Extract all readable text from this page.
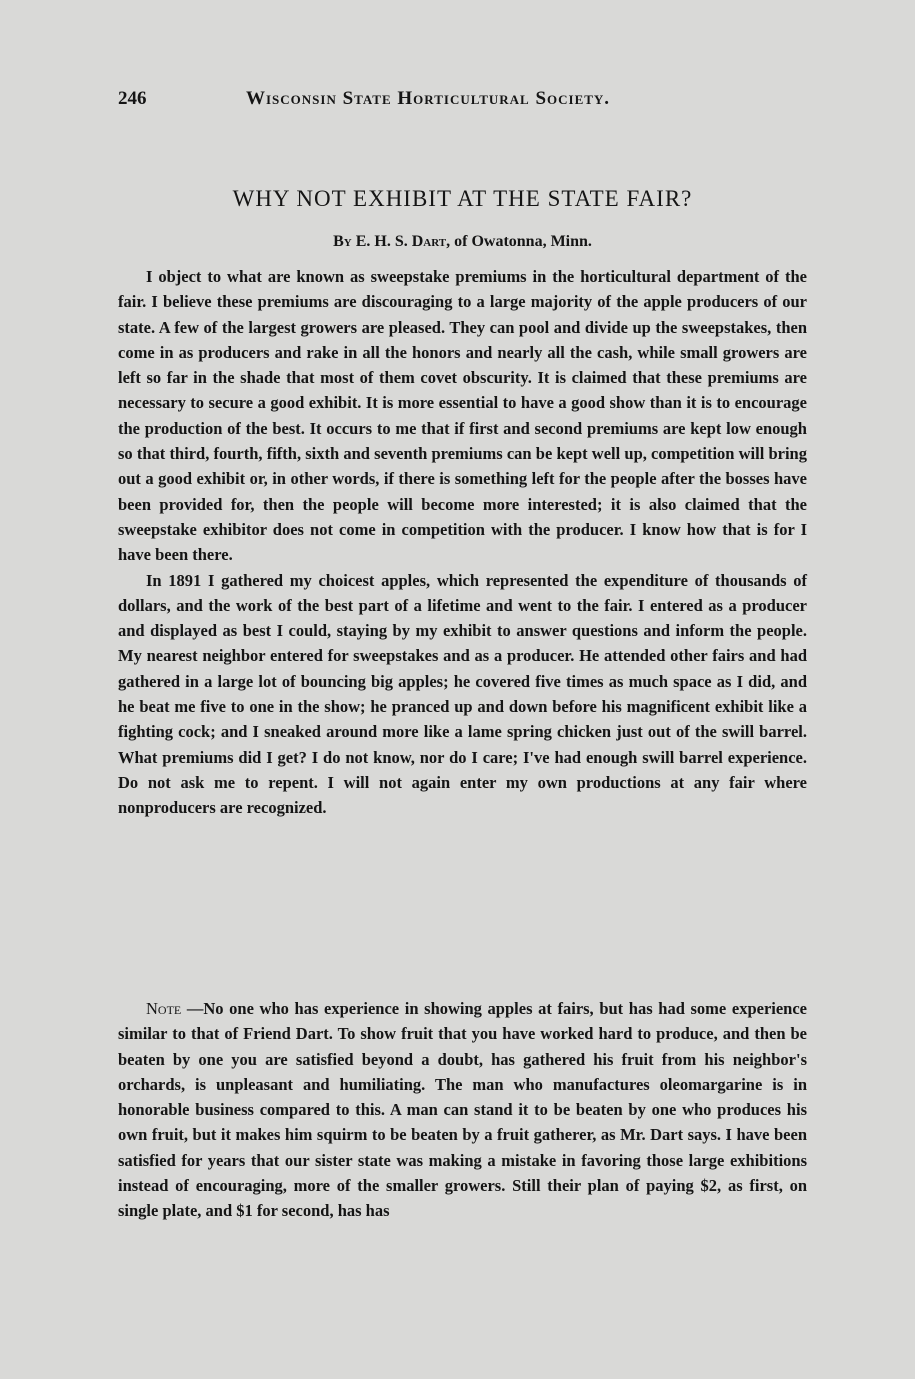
246	Wisconsin State Horticultural Society.
WHY NOT EXHIBIT AT THE STATE FAIR?
By E. H. S. Dart, of Owatonna, Minn.

I object to what are known as sweepstake premiums in the horticultural department of the fair. I believe these premiums are discouraging to a large majority of the apple producers of our state. A few of the largest growers are pleased. They can pool and divide up the sweepstakes, then come in as producers and rake in all the honors and nearly all the cash, while small growers are left so far in the shade that most of them covet obscurity. It is claimed that these premiums are necessary to secure a good exhibit. It is more essential to have a good show than it is to encourage the production of the best. It occurs to me that if first and second premiums are kept low enough so that third, fourth, fifth, sixth and seventh premiums can be kept well up, competition will bring out a good exhibit or, in other words, if there is something left for the people after the bosses have been provided for, then the people will become more interested; it is also claimed that the sweepstake exhibitor does not come in competition with the producer. I know how that is for I have been there.

In 1891 I gathered my choicest apples, which represented the expenditure of thousands of dollars, and the work of the best part of a lifetime and went to the fair. I entered as a producer and displayed as best I could, staying by my exhibit to answer questions and inform the people. My nearest neighbor entered for sweepstakes and as a producer. He attended other fairs and had gathered in a large lot of bouncing big apples; he covered five times as much space as I did, and he beat me five to one in the show; he pranced up and down before his magnificent exhibit like a fighting cock; and I sneaked around more like a lame spring chicken just out of the swill barrel. What premiums did I get? I do not know, nor do I care; I've had enough swill barrel experience. Do not ask me to repent. I will not again enter my own productions at any fair where nonproducers are recognized.

Note —No one who has experience in showing apples at fairs, but has had some experience similar to that of Friend Dart. To show fruit that you have worked hard to produce, and then be beaten by one you are satisfied beyond a doubt, has gathered his fruit from his neighbor's orchards, is unpleasant and humiliating. The man who manufactures oleomargarine is in honorable business compared to this. A man can stand it to be beaten by one who produces his own fruit, but it makes him squirm to be beaten by a fruit gatherer, as Mr. Dart says. I have been satisfied for years that our sister state was making a mistake in favoring those large exhibitions instead of encouraging, more of the smaller growers. Still their plan of paying $2, as first, on single plate, and $1 for second, has has
